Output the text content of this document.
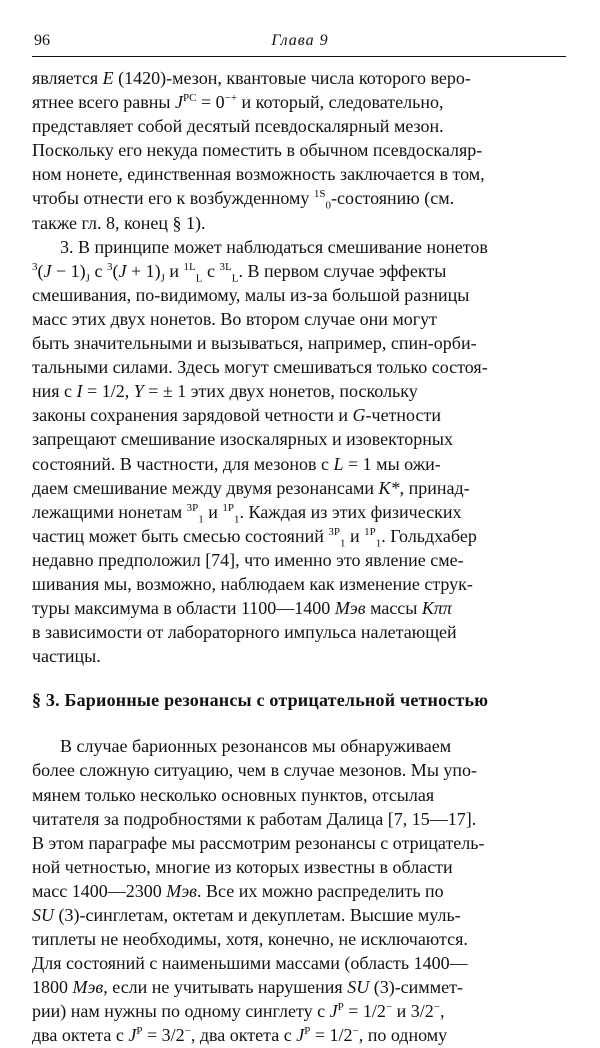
96	Глава 9
является E (1420)-мезон, квантовые числа которого веро-
ятнее всего равны $J^{PC} = 0^{-+}$ и который, следовательно,
представляет собой десятый псевдоскалярный мезон.
Поскольку его некуда поместить в обычном псевдоскаляр-
ном нонете, единственная возможность заключается в том,
чтобы отнести его к возбужденному $^{1S}_0$-состоянию (см.
также гл. 8, конец § 1).
3. В принципе может наблюдаться смешивание нонетов
$^3(J - 1)_J$ с $^3(J + 1)_J$ и $^{1L}_L$ с $^{3L}_L$. В первом случае эффекты
смешивания, по-видимому, малы из-за большой разницы
масс этих двух нонетов. Во втором случае они могут
быть значительными и вызываться, например, спин-орби-
тальными силами. Здесь могут смешиваться только состоя-
ния с I = 1/2, Y = ± 1 этих двух нонетов, поскольку
законы сохранения зарядовой четности и G-четности
запрещают смешивание изоскалярных и изовекторных
состояний. В частности, для мезонов с L = 1 мы ожи-
даем смешивание между двумя резонансами K*, принад-
лежащими нонетам $^{3P}_1$ и $^{1P}_1$. Каждая из этих физических
частиц может быть смесью состояний $^{3P}_1$ и $^{1P}_1$. Гольдхабер
недавно предположил [74], что именно это явление сме-
шивания мы, возможно, наблюдаем как изменение струк-
туры максимума в области 1100—1400 Мэв массы Kππ
в зависимости от лабораторного импульса налетающей
частицы.
§ 3. Барионные резонансы с отрицательной четностью
В случае барионных резонансов мы обнаруживаем
более сложную ситуацию, чем в случае мезонов. Мы упо-
мянем только несколько основных пунктов, отсылая
читателя за подробностями к работам Далица [7, 15—17].
В этом параграфе мы рассмотрим резонансы с отрицатель-
ной четностью, многие из которых известны в области
масс 1400—2300 Мэв. Все их можно распределить по
SU (3)-синглетам, октетам и декуплетам. Высшие муль-
типлеты не необходимы, хотя, конечно, не исключаются.
Для состояний с наименьшими массами (область 1400—
1800 Мэв, если не учитывать нарушения SU (3)-симмет-
рии) нам нужны по одному синглету с $J^P = 1/2^-$ и 3/2−,
два октета с $J^P = 3/2^-$, два октета с $J^P = 1/2^-$, по одному
